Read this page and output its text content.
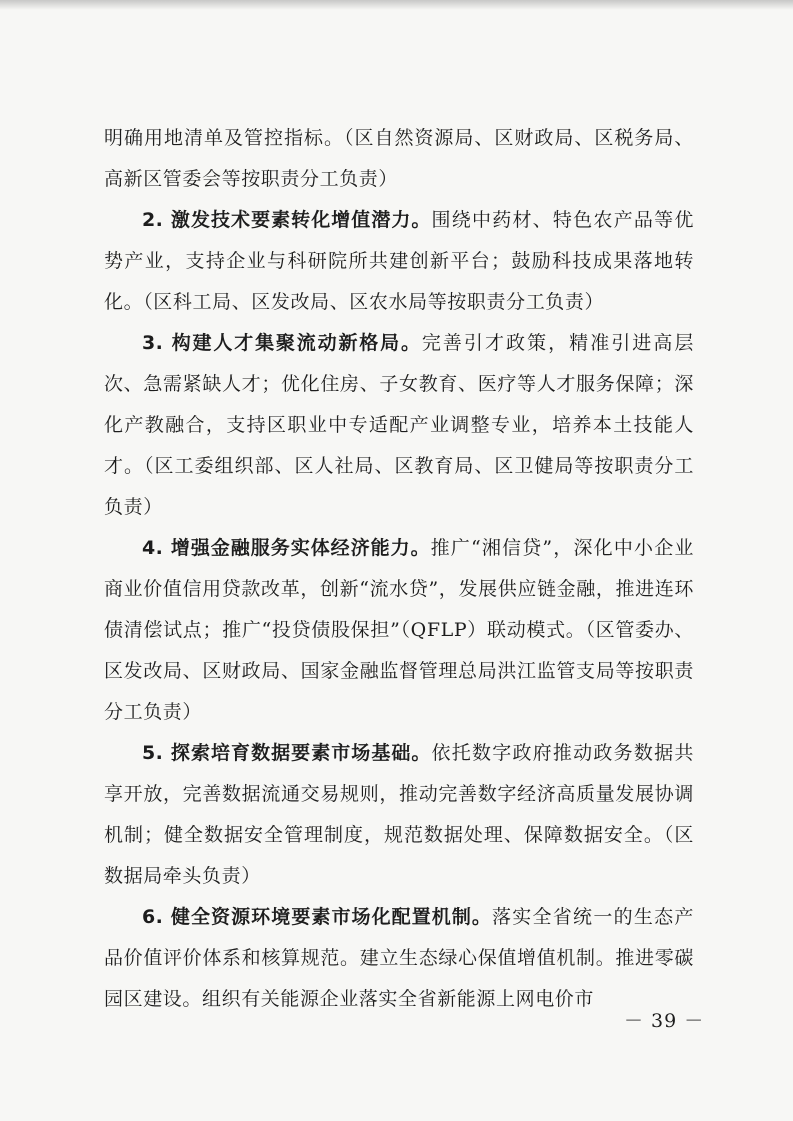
明确用地清单及管控指标。（区自然资源局、区财政局、区税务局、高新区管委会等按职责分工负责）

2. 激发技术要素转化增值潜力。围绕中药材、特色农产品等优势产业，支持企业与科研院所共建创新平台；鼓励科技成果落地转化。（区科工局、区发改局、区农水局等按职责分工负责）

3. 构建人才集聚流动新格局。完善引才政策，精准引进高层次、急需紧缺人才；优化住房、子女教育、医疗等人才服务保障；深化产教融合，支持区职业中专适配产业调整专业，培养本土技能人才。（区工委组织部、区人社局、区教育局、区卫健局等按职责分工负责）

4. 增强金融服务实体经济能力。推广“湘信贷”，深化中小企业商业价值信用贷款改革，创新“流水贷”，发展供应链金融，推进连环债清偿试点；推广“投贷债股保担”（QFLP）联动模式。（区管委办、区发改局、区财政局、国家金融监督管理总局洪江监管支局等按职责分工负责）

5. 探索培育数据要素市场基础。依托数字政府推动政务数据共享开放，完善数据流通交易规则，推动完善数字经济高质量发展协调机制；健全数据安全管理制度，规范数据处理、保障数据安全。（区数据局牵头负责）

6. 健全资源环境要素市场化配置机制。落实全省统一的生态产品价值评价体系和核算规范。建立生态绿心保值增值机制。推进零碳园区建设。组织有关能源企业落实全省新能源上网电价市

－ 39 －
